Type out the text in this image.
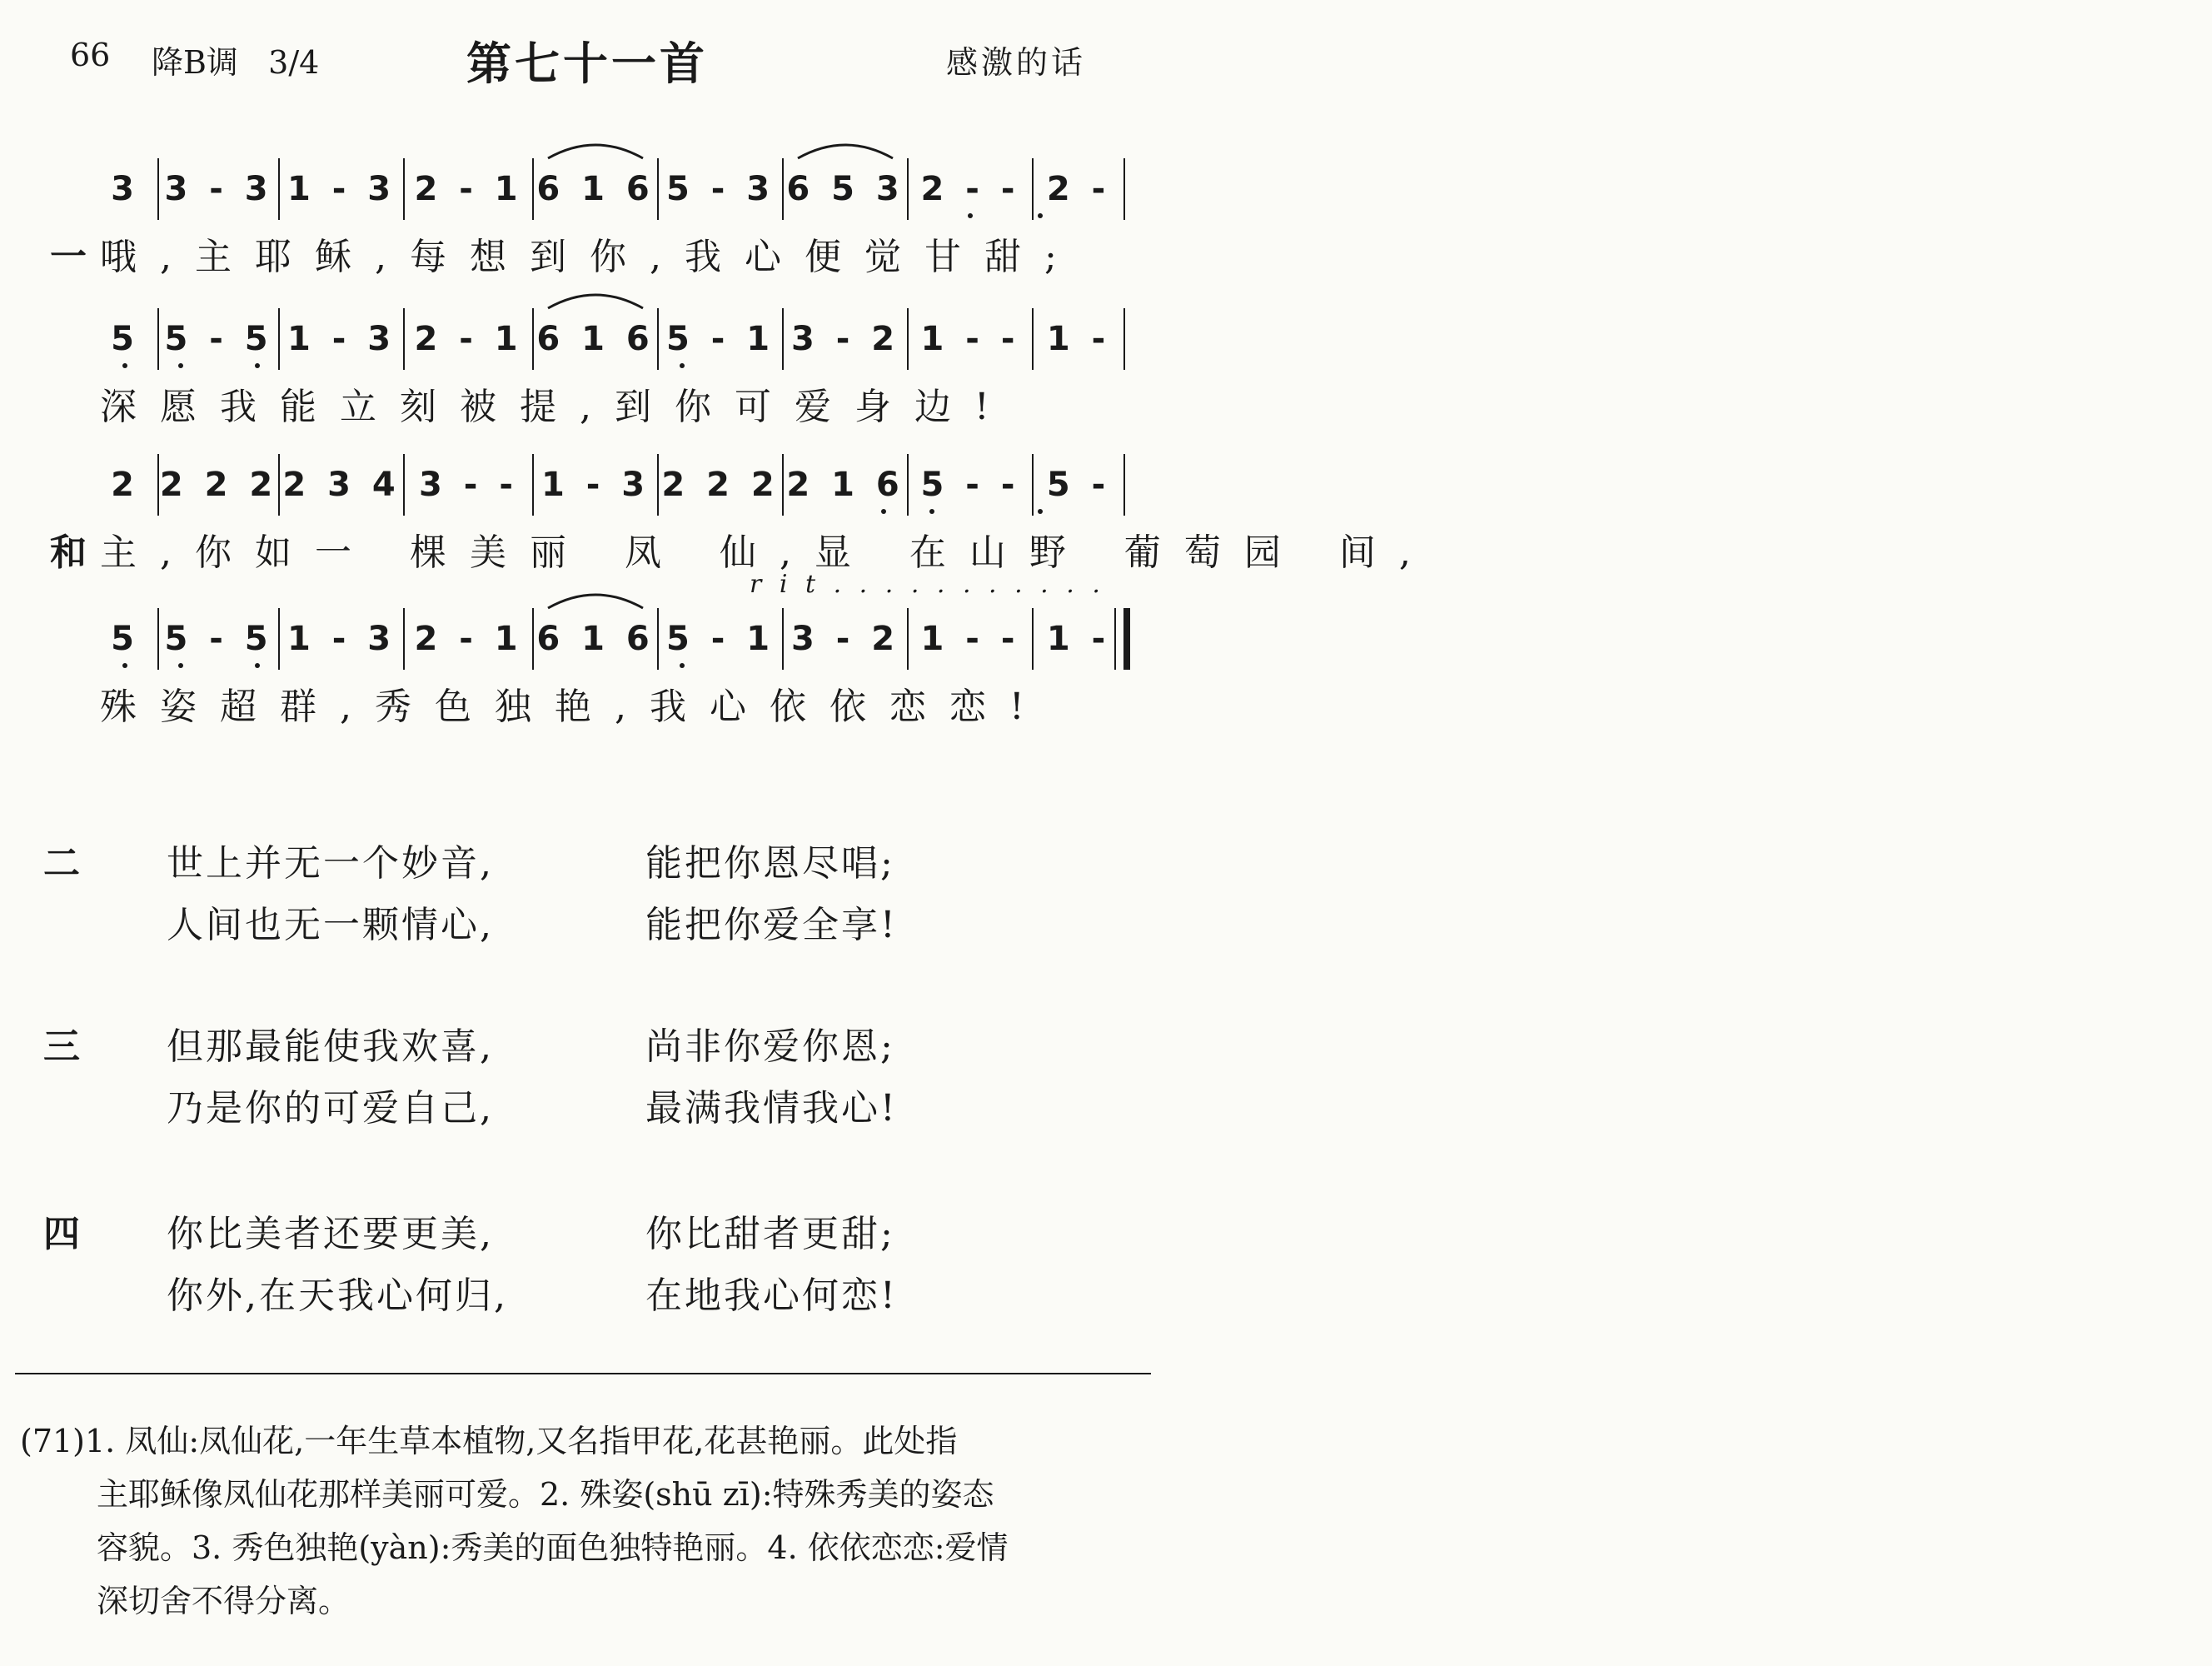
66 降B调   3/4	第七十一首	感激的话
3 3 - 3 1 - 3 2 - 1 6 1 6 5 - 3 6 5 3 2 - - 2 -
一 哦,主耶稣,每想到你,我心便觉甘甜;
5 5 - 5 1 - 3 2 - 1 6 1 6 5 - 1 3 - 2 1 - - 1 -
深愿我能立刻被提,到你可爱身边!
2 2 2 2 2 3 4 3 - - 1 - 3 2 2 2 2 1 6 5 - - 5 -
和 主,你如一 棵美丽 凤 仙,显 在山野 葡萄园 间,
5 5 - 5 1 - 3 2 - 1 6 1 6 5 - 1 3 - 2 1 - - 1 -
r i t . . . . . . . . . . .
殊姿超群,秀色独艳,我心依依恋恋!
二 世上并无一个妙音,	能把你恩尽唱;
人间也无一颗情心,	能把你爱全享!
三 但那最能使我欢喜,	尚非你爱你恩;
乃是你的可爱自己,	最满我情我心!
四 你比美者还要更美,	你比甜者更甜;
你外,在天我心何归,	在地我心何恋!

(71)1. 凤仙:凤仙花,一年生草本植物,又名指甲花,花甚艳丽。此处指

主耶稣像凤仙花那样美丽可爱。2. 殊姿(shū zī):特殊秀美的姿态

容貌。3. 秀色独艳(yàn):秀美的面色独特艳丽。4. 依依恋恋:爱情

深切舍不得分离。
